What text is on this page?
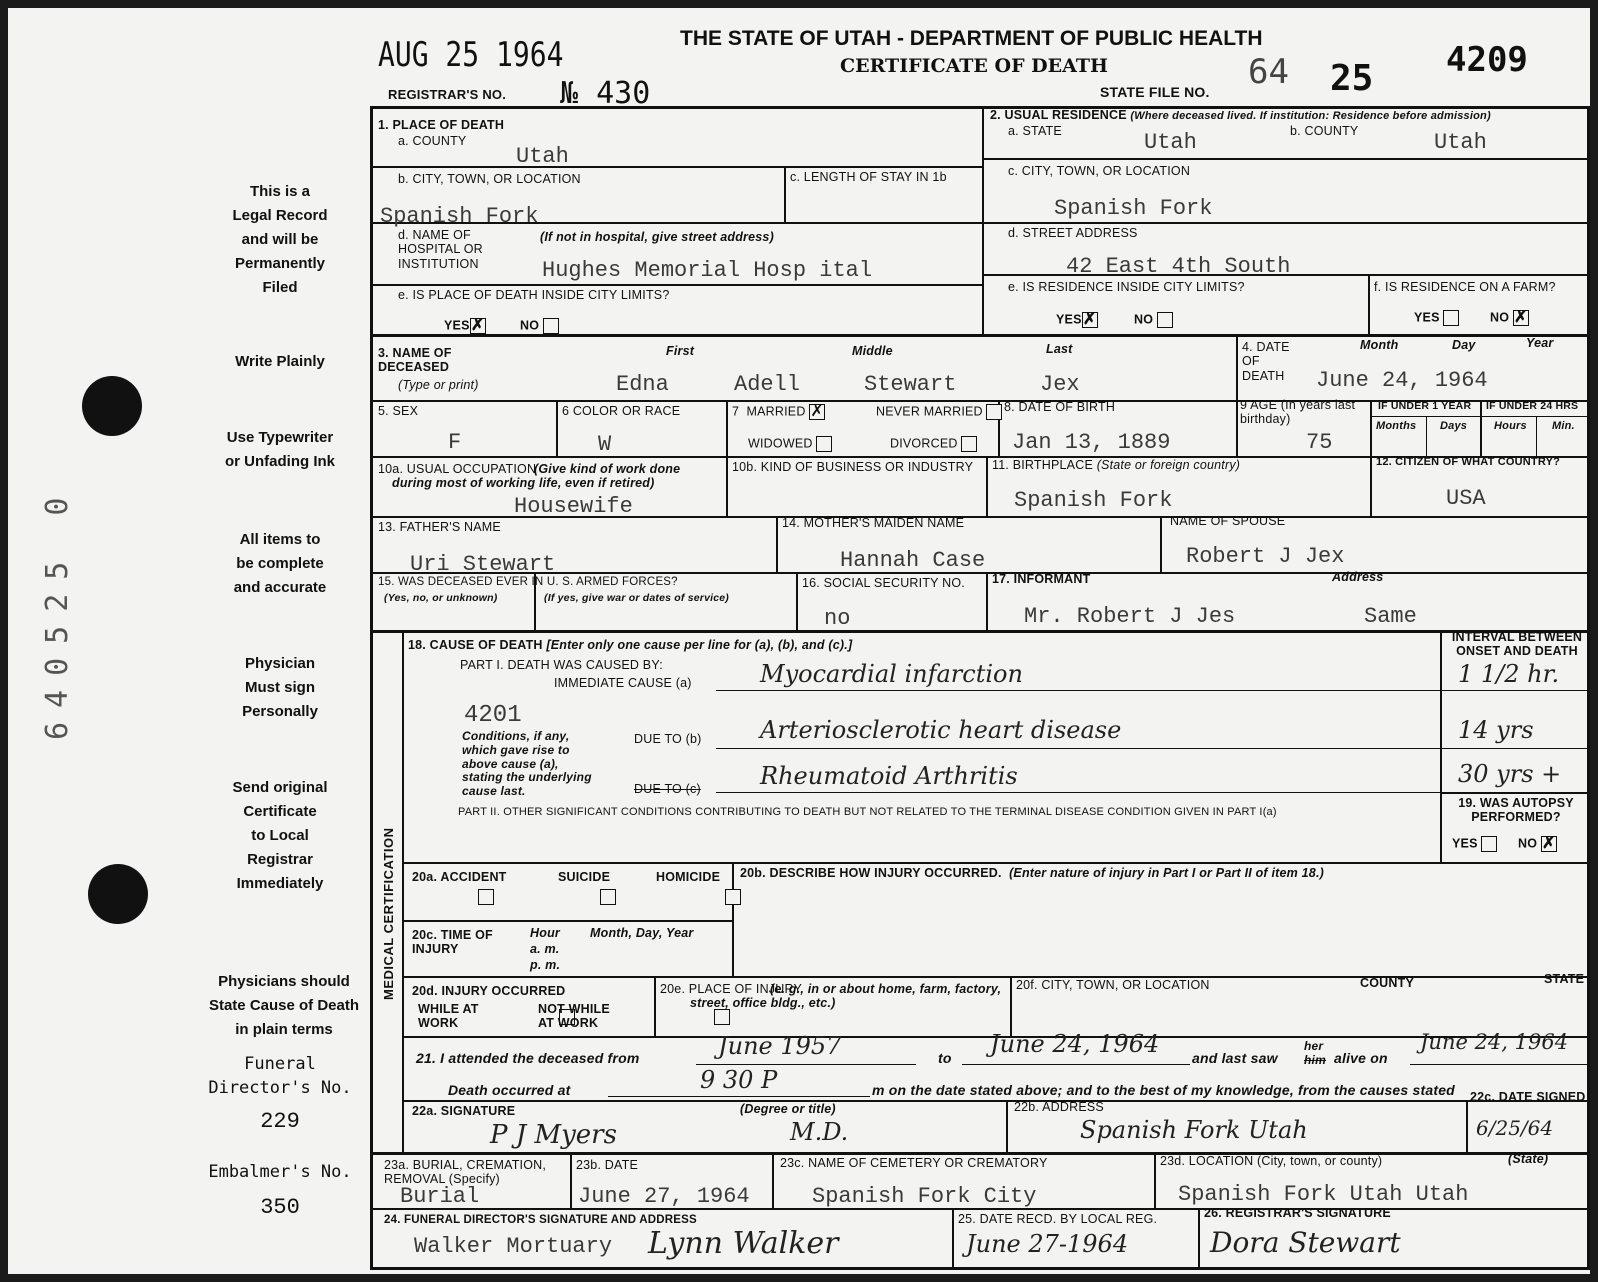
This is a
Legal Record
and will be
Permanently
Filed
Write Plainly
Use Typewriter
or Unfading Ink
All items to
be complete
and accurate
Physician
Must sign
Personally
Send original
Certificate
to Local
Registrar
Immediately
Physicians should
State Cause of Death
in plain terms
Funeral
Director's No.
229
Embalmer's No.
350
640525 0
AUG 25 1964	THE STATE OF UTAH - DEPARTMENT OF PUBLIC HEALTH
CERTIFICATE OF DEATH
REGISTRAR'S NO. № 430	STATE FILE NO. 64 25 4209
1. PLACE OF DEATH
a. COUNTY
Utah
b. CITY, TOWN, OR LOCATION
Spanish Fork
c. LENGTH OF STAY IN 1b
d. NAME OF HOSPITAL OR INSTITUTION
(If not in hospital, give street address)
Hughes Memorial Hosp ital
e. IS PLACE OF DEATH INSIDE CITY LIMITS?
YES✗	NO
2. USUAL RESIDENCE (Where deceased lived. If institution: Residence before admission)
a. STATE	Utah	b. COUNTY	Utah
c. CITY, TOWN, OR LOCATION
Spanish Fork
d. STREET ADDRESS
42 East 4th South
e. IS RESIDENCE INSIDE CITY LIMITS?
YES✗	NO
f. IS RESIDENCE ON A FARM?
YES	NO ✗
3. NAME OF DECEASED
(Type or print)
First	Middle	Last
Edna	Adell	Stewart	Jex
4. DATE OF DEATH
Month	Day	Year
June 24, 1964
5. SEX
F
6 COLOR OR RACE
W
7  MARRIED ✗	NEVER MARRIED
WIDOWED	DIVORCED
8. DATE OF BIRTH
Jan 13, 1889
9 AGE (In years last birthday)
75
IF UNDER 1 YEAR IF UNDER 24 HRS
Months Days Hours Min.
10a. USUAL OCCUPATION
(Give kind of work done during most of working life, even if retired)
Housewife
10b. KIND OF BUSINESS OR INDUSTRY 11. BIRTHPLACE (State or foreign country)
Spanish Fork
12. CITIZEN OF WHAT COUNTRY?
USA
13. FATHER'S NAME
Uri Stewart
14. MOTHER'S MAIDEN NAME
Hannah Case
NAME OF SPOUSE
Robert J Jex
15. WAS DECEASED EVER IN U. S. ARMED FORCES?
(Yes, no, or unknown)	(If yes, give war or dates of service)
16. SOCIAL SECURITY NO.
no
17. INFORMANT	Address
Mr. Robert J Jes	Same
MEDICAL CERTIFICATION
18. CAUSE OF DEATH [Enter only one cause per line for (a), (b), and (c).]
INTERVAL BETWEEN ONSET AND DEATH
PART I. DEATH WAS CAUSED BY:
IMMEDIATE CAUSE (a)	Myocardial infarction	1 1/2 hr.
4201
Conditions, if any, which gave rise to above cause (a), stating the underlying cause last.
DUE TO (b) Arteriosclerotic heart disease	14 yrs
DUE TO (c) Rheumatoid Arthritis	30 yrs +
PART II. OTHER SIGNIFICANT CONDITIONS CONTRIBUTING TO DEATH BUT NOT RELATED TO THE TERMINAL DISEASE CONDITION GIVEN IN PART I(a)
19. WAS AUTOPSY PERFORMED?
YES	NO ✗
20a. ACCIDENT	SUICIDE	HOMICIDE
20b. DESCRIBE HOW INJURY OCCURRED. (Enter nature of injury in Part I or Part II of item 18.)
20c. TIME OF INJURY
Hour
a. m.
p. m.
Month, Day, Year
20d. INJURY OCCURRED
WHILE AT WORK

NOT WHILE AT WORK
20e. PLACE OF INJURY
(e. g., in or about home, farm, factory, street, office bldg., etc.)
20f. CITY, TOWN, OR LOCATION	COUNTY	STATE
21. I attended the deceased from	June 1957	to June 24, 1964 and last saw
her
him alive on
June 24, 1964
Death occurred at	9 30 P	m on the date stated above; and to the best of my knowledge, from the causes stated
22a. SIGNATURE	(Degree or title)
P J Myers	M.D.
22b. ADDRESS
Spanish Fork Utah
22c. DATE SIGNED
6/25/64
23a. BURIAL, CREMATION, REMOVAL (Specify)
Burial
23b. DATE
June 27, 1964
23c. NAME OF CEMETERY OR CREMATORY
Spanish Fork City
23d. LOCATION (City, town, or county)	(State)
Spanish Fork Utah Utah
24. FUNERAL DIRECTOR'S SIGNATURE AND ADDRESS
Walker Mortuary Lynn Walker
25. DATE RECD. BY LOCAL REG.
June 27-1964
26. REGISTRAR'S SIGNATURE
Dora Stewart
